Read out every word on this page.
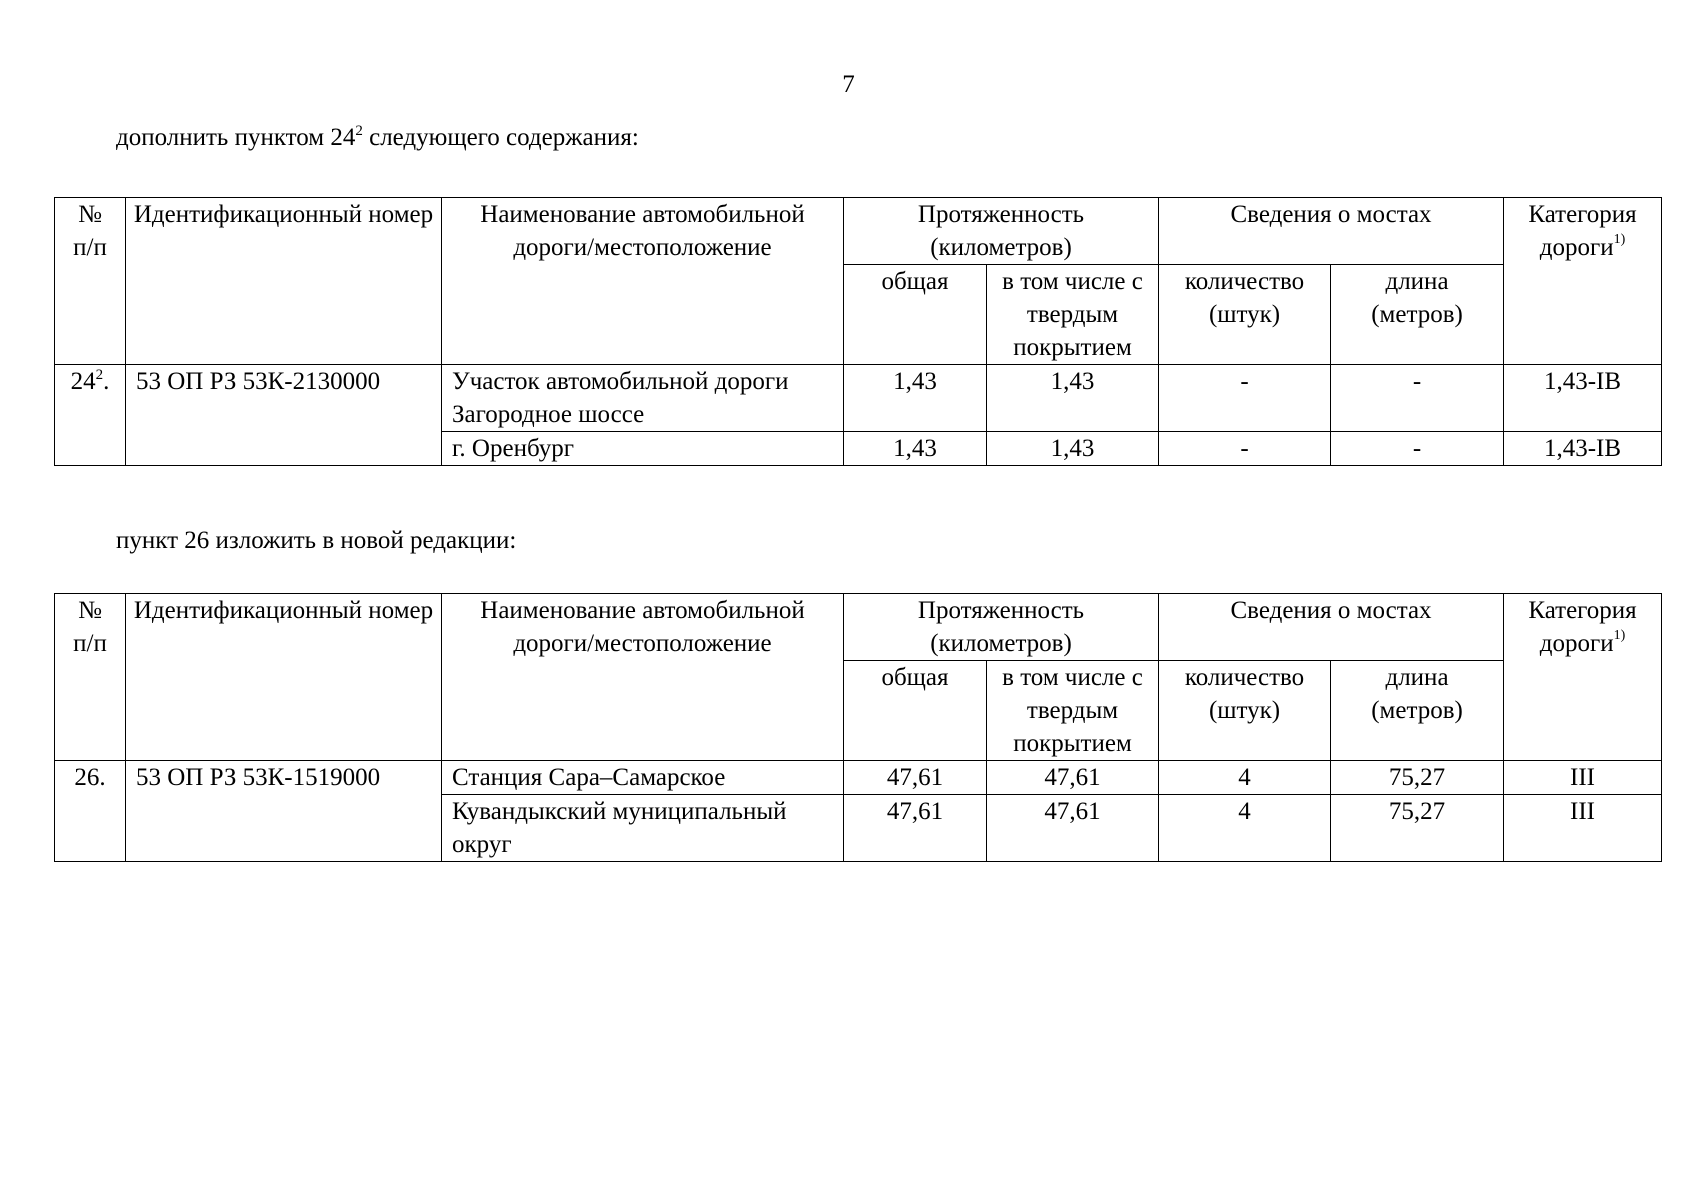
7
дополнить пунктом $24^2$ следующего содержания:
№
п/п	Идентификационный номер	Наименование автомобильной дороги/местоположение	Протяженность (километров)		Сведения о мостах		Категория дороги$^{1)}$
			общая	в том числе с твердым покрытием	количество (штук)	длина (метров)	
$24^2$.	53 ОП РЗ 53К-2130000	Участок автомобильной дороги Загородное шоссе	1,43	1,43	-	-	1,43-IВ
		г. Оренбург	1,43	1,43	-	-	1,43-IВ
пункт 26 изложить в новой редакции:
№
п/п	Идентификационный номер	Наименование автомобильной дороги/местоположение	Протяженность (километров)		Сведения о мостах		Категория дороги$^{1)}$
			общая	в том числе с твердым покрытием	количество (штук)	длина (метров)	
26.	53 ОП РЗ 53К-1519000	Станция Сара–Самарское	47,61	47,61	4	75,27	III
		Кувандыкский муниципальный округ	47,61	47,61	4	75,27	III
